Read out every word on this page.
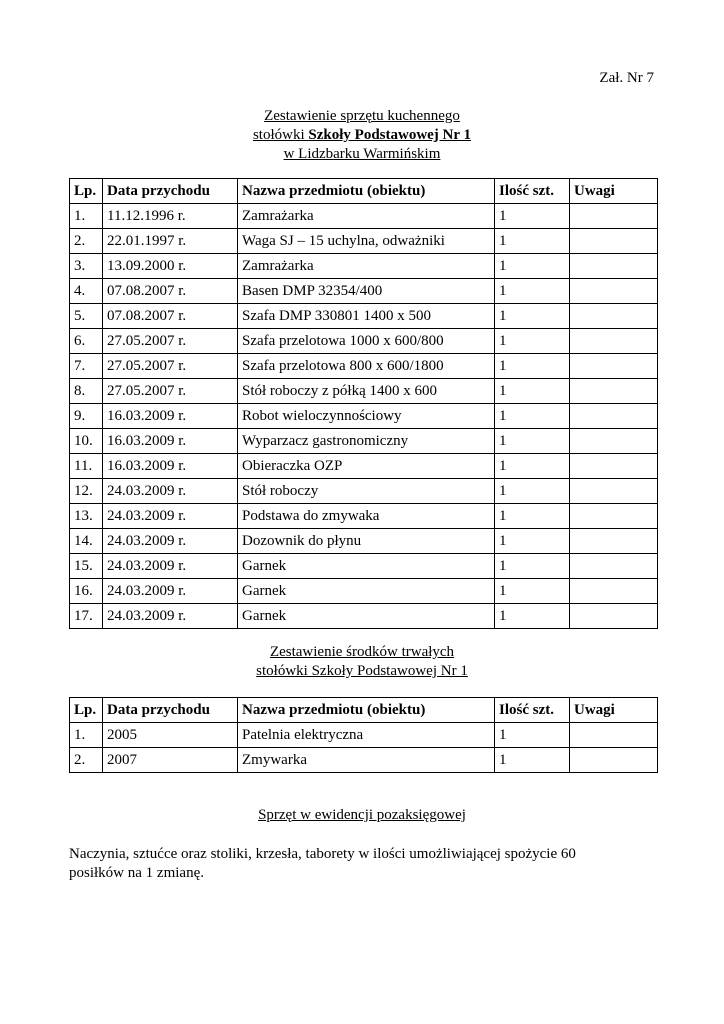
Zał. Nr 7
Zestawienie sprzętu kuchennego
stołówki Szkoły Podstawowej Nr 1
w Lidzbarku Warmińskim
Lp.	Data przychodu	Nazwa przedmiotu (obiektu)	Ilość szt.	Uwagi
1.	11.12.1996 r.	Zamrażarka	1	
2.	22.01.1997 r.	Waga SJ – 15 uchylna, odważniki	1	
3.	13.09.2000 r.	Zamrażarka	1	
4.	07.08.2007 r.	Basen DMP 32354/400	1	
5.	07.08.2007 r.	Szafa DMP 330801 1400 x 500	1	
6.	27.05.2007 r.	Szafa przelotowa 1000 x 600/800	1	
7.	27.05.2007 r.	Szafa przelotowa 800 x 600/1800	1	
8.	27.05.2007 r.	Stół roboczy z półką 1400 x 600	1	
9.	16.03.2009 r.	Robot wieloczynnościowy	1	
10.	16.03.2009 r.	Wyparzacz gastronomiczny	1	
11.	16.03.2009 r.	Obieraczka OZP	1	
12.	24.03.2009 r.	Stół roboczy	1	
13.	24.03.2009 r.	Podstawa do zmywaka	1	
14.	24.03.2009 r.	Dozownik do płynu	1	
15.	24.03.2009 r.	Garnek	1	
16.	24.03.2009 r.	Garnek	1	
17.	24.03.2009 r.	Garnek	1	
Zestawienie środków trwałych
stołówki Szkoły Podstawowej Nr 1
Lp.	Data przychodu	Nazwa przedmiotu (obiektu)	Ilość szt.	Uwagi
1.	2005	Patelnia elektryczna	1	
2.	2007	Zmywarka	1	
Sprzęt w ewidencji pozaksięgowej
Naczynia, sztućce oraz stoliki, krzesła, taborety w ilości umożliwiającej spożycie 60 posiłków na 1 zmianę.
